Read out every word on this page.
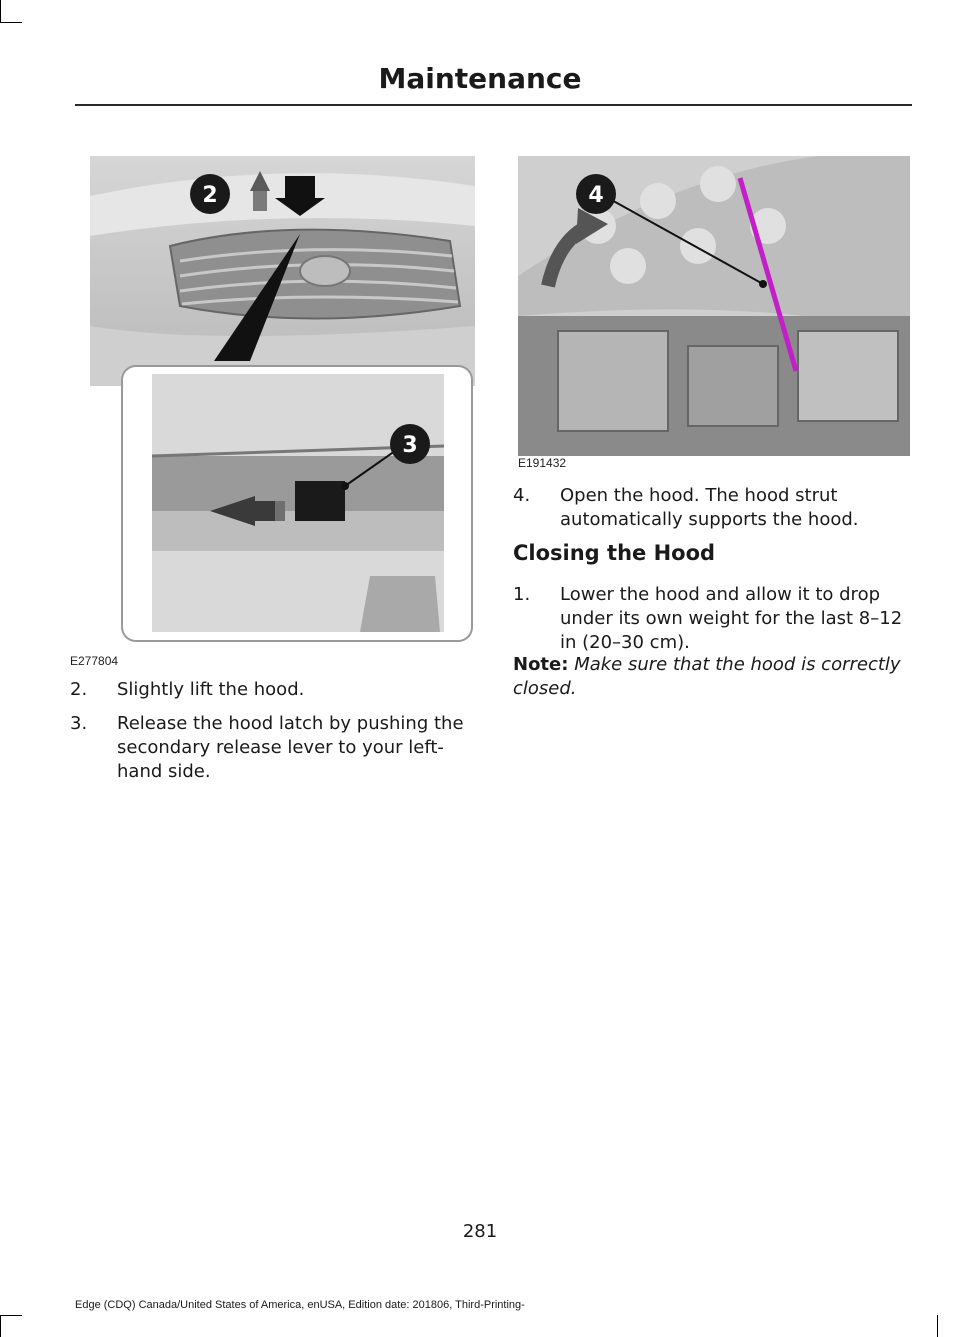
Maintenance
2
3
E277804
4
E191432
2. Slightly lift the hood.
3. Release the hood latch by pushing the secondary release lever to your left-hand side.
4. Open the hood. The hood strut automatically supports the hood.
Closing the Hood
1. Lower the hood and allow it to drop under its own weight for the last 8–12 in (20–30 cm).
Note: Make sure that the hood is correctly closed.
281
Edge (CDQ) Canada/United States of America, enUSA, Edition date: 201806, Third-Printing-
